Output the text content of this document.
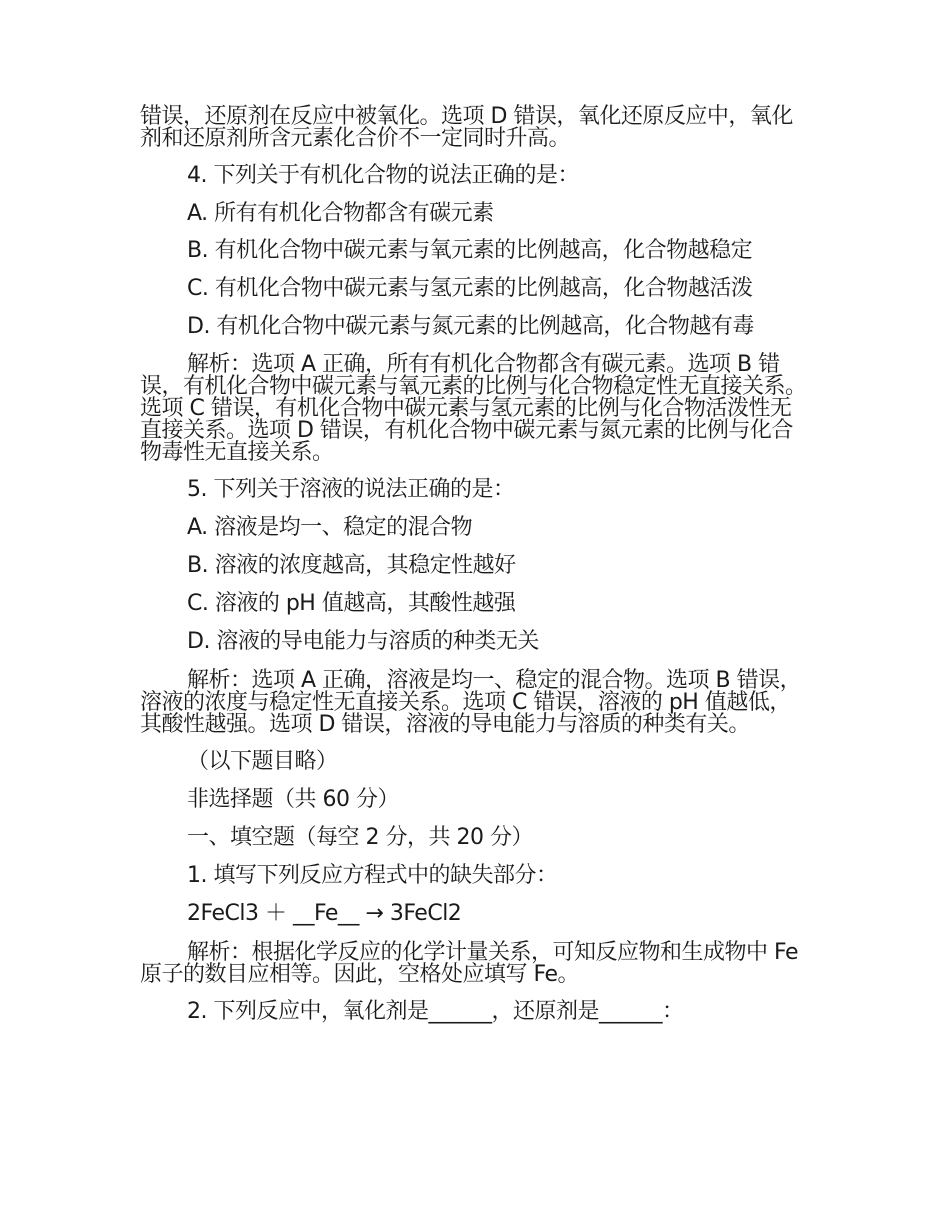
错误，还原剂在反应中被氧化。选项 D 错误，氧化还原反应中，氧化剂和还原剂所含元素化合价不一定同时升高。

4. 下列关于有机化合物的说法正确的是：

A. 所有有机化合物都含有碳元素

B. 有机化合物中碳元素与氧元素的比例越高，化合物越稳定

C. 有机化合物中碳元素与氢元素的比例越高，化合物越活泼

D. 有机化合物中碳元素与氮元素的比例越高，化合物越有毒

解析：选项 A 正确，所有有机化合物都含有碳元素。选项 B 错误，有机化合物中碳元素与氧元素的比例与化合物稳定性无直接关系。选项 C 错误，有机化合物中碳元素与氢元素的比例与化合物活泼性无直接关系。选项 D 错误，有机化合物中碳元素与氮元素的比例与化合物毒性无直接关系。

5. 下列关于溶液的说法正确的是：

A. 溶液是均一、稳定的混合物

B. 溶液的浓度越高，其稳定性越好

C. 溶液的 pH 值越高，其酸性越强

D. 溶液的导电能力与溶质的种类无关

解析：选项 A 正确，溶液是均一、稳定的混合物。选项 B 错误，溶液的浓度与稳定性无直接关系。选项 C 错误，溶液的 pH 值越低，其酸性越强。选项 D 错误，溶液的导电能力与溶质的种类有关。

（以下题目略）

非选择题（共 60 分）

一、填空题（每空 2 分，共 20 分）

1. 填写下列反应方程式中的缺失部分：

2FeCl3 ＋ __Fe__ → 3FeCl2

解析：根据化学反应的化学计量关系，可知反应物和生成物中 Fe 原子的数目应相等。因此，空格处应填写 Fe。

2. 下列反应中，氧化剂是______，还原剂是______：
